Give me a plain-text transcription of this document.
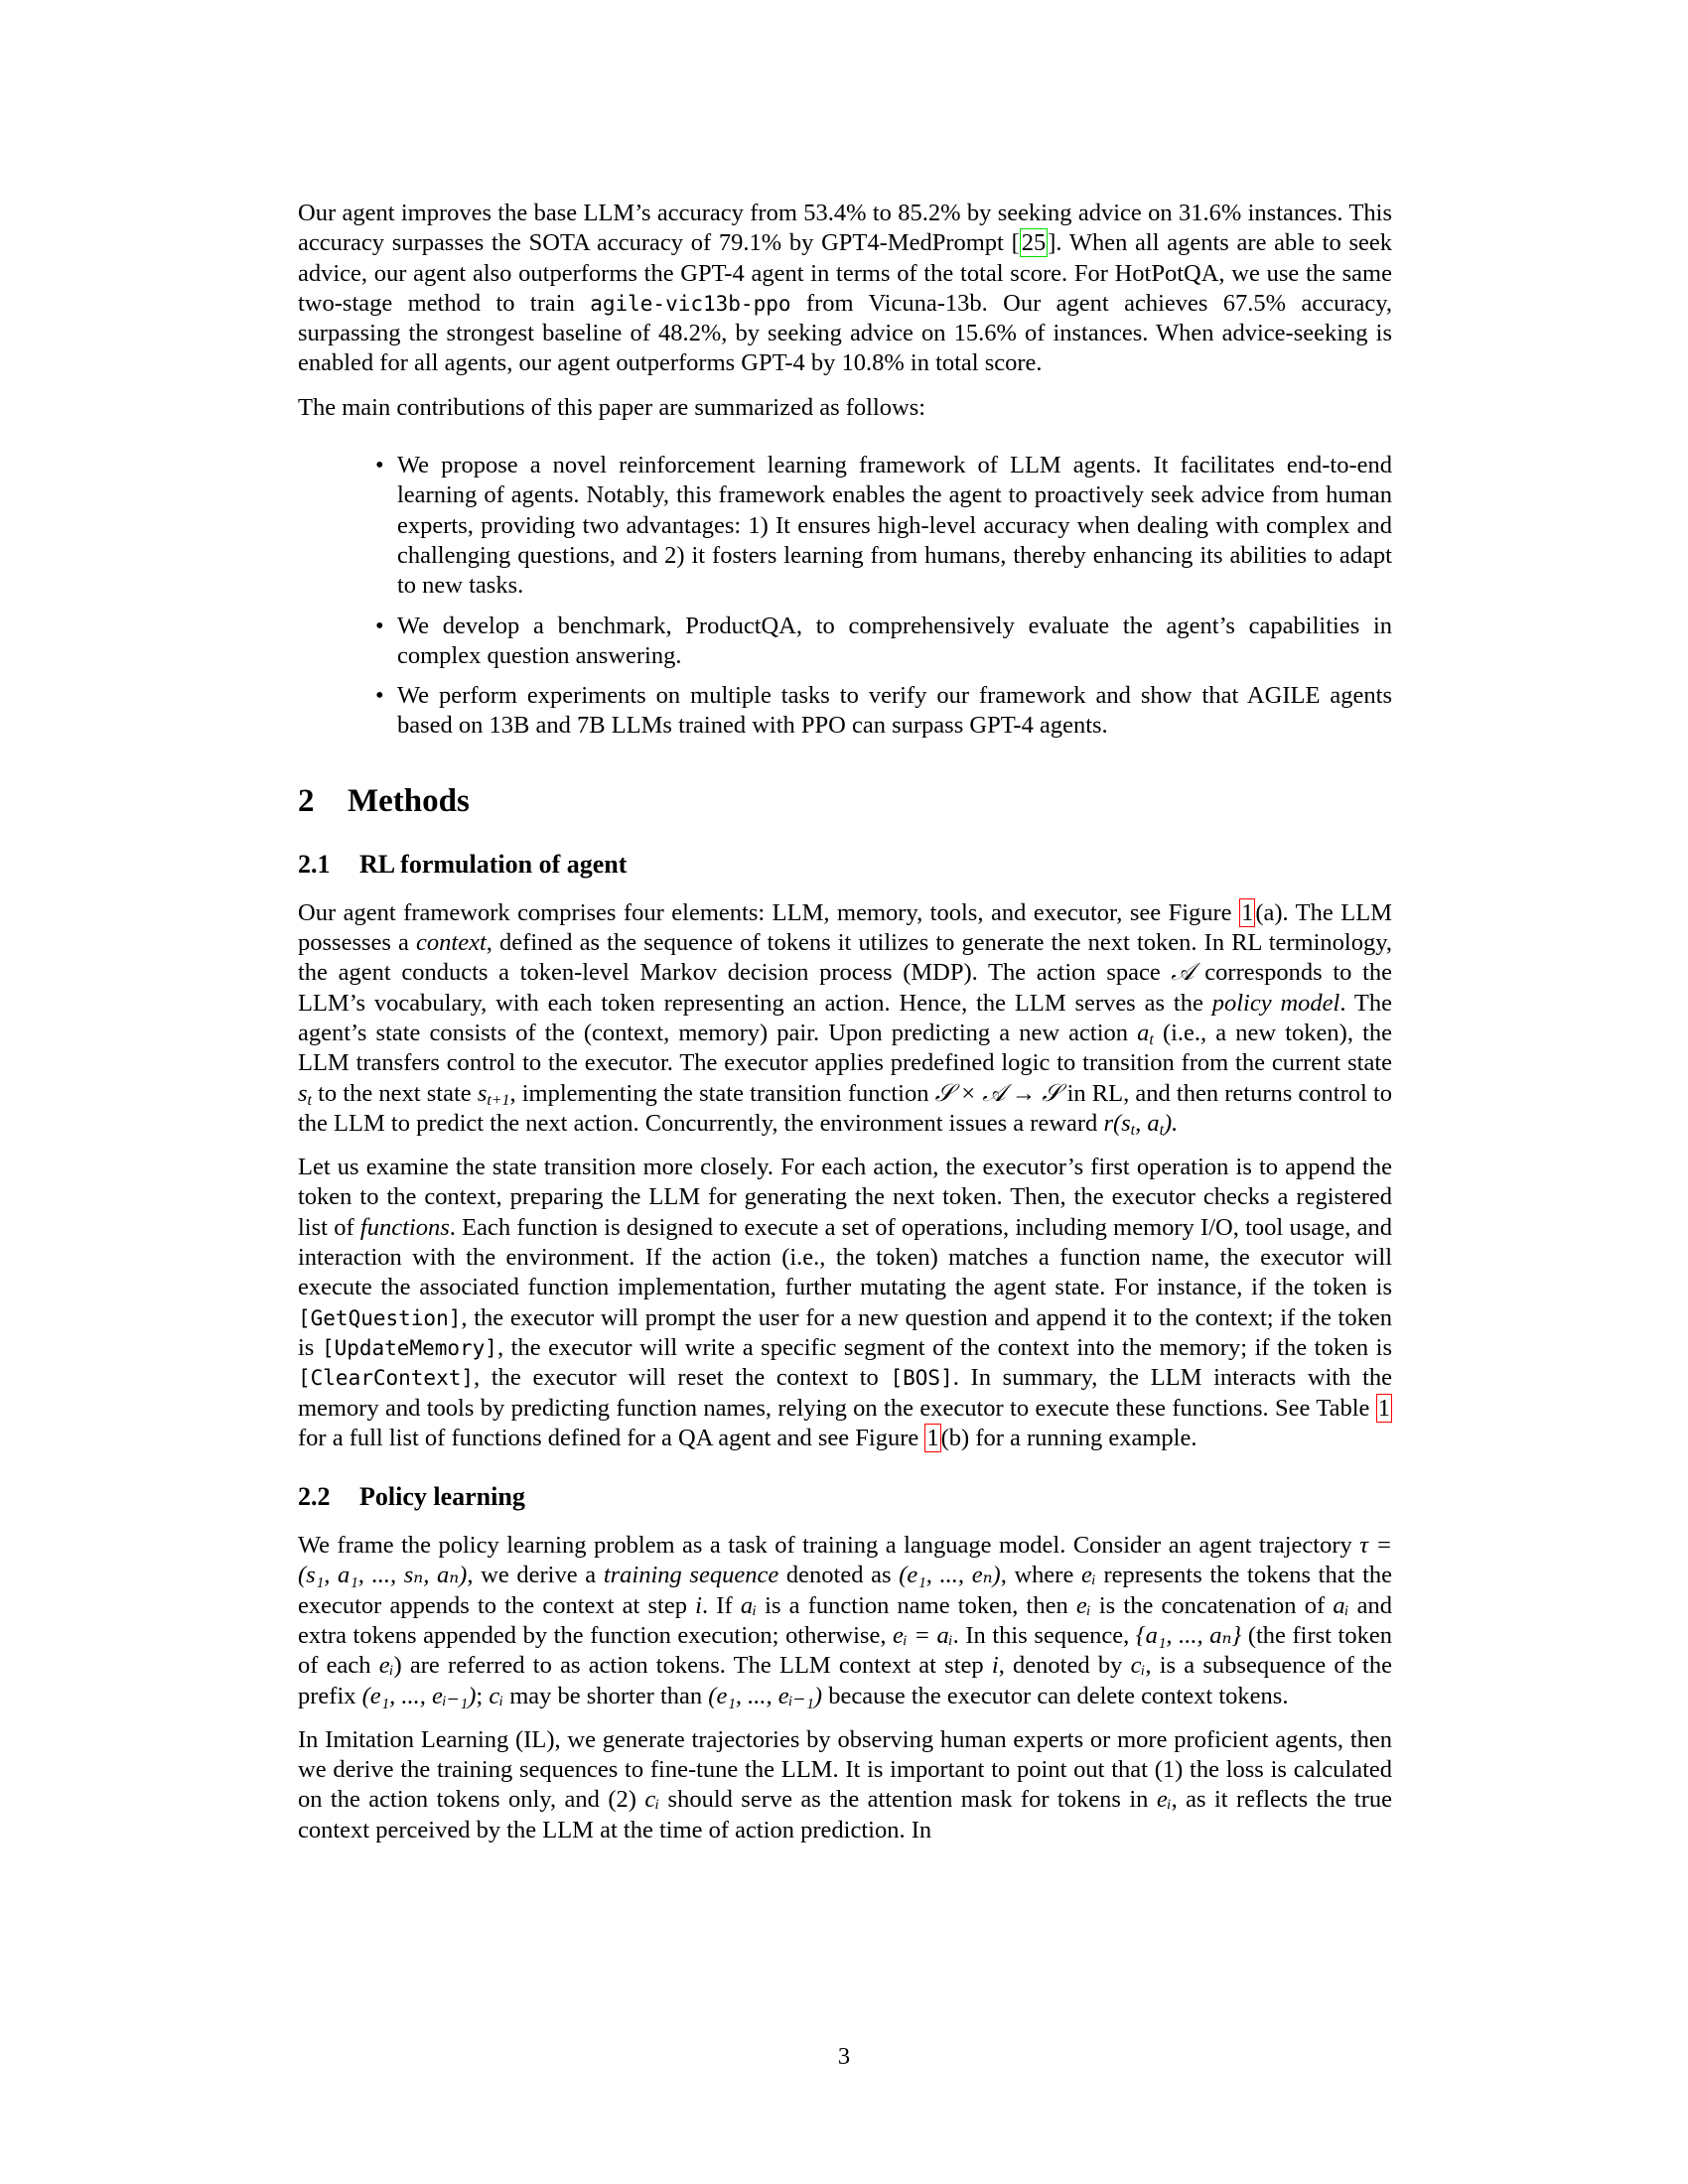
Our agent improves the base LLM’s accuracy from 53.4% to 85.2% by seeking advice on 31.6% instances. This accuracy surpasses the SOTA accuracy of 79.1% by GPT4-MedPrompt [25]. When all agents are able to seek advice, our agent also outperforms the GPT-4 agent in terms of the total score. For HotPotQA, we use the same two-stage method to train agile-vic13b-ppo from Vicuna-13b. Our agent achieves 67.5% accuracy, surpassing the strongest baseline of 48.2%, by seeking advice on 15.6% of instances. When advice-seeking is enabled for all agents, our agent outperforms GPT-4 by 10.8% in total score.

The main contributions of this paper are summarized as follows:

• We propose a novel reinforcement learning framework of LLM agents. It facilitates end-to-end learning of agents. Notably, this framework enables the agent to proactively seek advice from human experts, providing two advantages: 1) It ensures high-level accuracy when dealing with complex and challenging questions, and 2) it fosters learning from humans, thereby enhancing its abilities to adapt to new tasks.
• We develop a benchmark, ProductQA, to comprehensively evaluate the agent’s capabilities in complex question answering.
• We perform experiments on multiple tasks to verify our framework and show that AGILE agents based on 13B and 7B LLMs trained with PPO can surpass GPT-4 agents.
2 Methods
2.1 RL formulation of agent

Our agent framework comprises four elements: LLM, memory, tools, and executor, see Figure 1(a). The LLM possesses a context, defined as the sequence of tokens it utilizes to generate the next token. In RL terminology, the agent conducts a token-level Markov decision process (MDP). The action space 𝒜 corresponds to the LLM’s vocabulary, with each token representing an action. Hence, the LLM serves as the policy model. The agent’s state consists of the (context, memory) pair. Upon predicting a new action $a_t$ (i.e., a new token), the LLM transfers control to the executor. The executor applies predefined logic to transition from the current state $s_t$ to the next state $s_{t+1}$, implementing the state transition function 𝒮 × 𝒜 → 𝒮 in RL, and then returns control to the LLM to predict the next action. Concurrently, the environment issues a reward $r(s_t$, $a_t$).

Let us examine the state transition more closely. For each action, the executor’s first operation is to append the token to the context, preparing the LLM for generating the next token. Then, the executor checks a registered list of functions. Each function is designed to execute a set of operations, including memory I/O, tool usage, and interaction with the environment. If the action (i.e., the token) matches a function name, the executor will execute the associated function implementation, further mutating the agent state. For instance, if the token is [GetQuestion], the executor will prompt the user for a new question and append it to the context; if the token is [UpdateMemory], the executor will write a specific segment of the context into the memory; if the token is [ClearContext], the executor will reset the context to [BOS]. In summary, the LLM interacts with the memory and tools by predicting function names, relying on the executor to execute these functions. See Table 1 for a full list of functions defined for a QA agent and see Figure 1(b) for a running example.

2.2 Policy learning

We frame the policy learning problem as a task of training a language model. Consider an agent trajectory τ = (s₁, a₁, ..., sₙ, aₙ), we derive a training sequence denoted as (e₁, ..., eₙ), where eᵢ represents the tokens that the executor appends to the context at step i. If aᵢ is a function name token, then eᵢ is the concatenation of aᵢ and extra tokens appended by the function execution; otherwise, eᵢ = aᵢ. In this sequence, {a₁, ..., aₙ} (the first token of each eᵢ) are referred to as action tokens. The LLM context at step i, denoted by cᵢ, is a subsequence of the prefix (e₁, ..., eᵢ₋₁); cᵢ may be shorter than (e₁, ..., eᵢ₋₁) because the executor can delete context tokens.

In Imitation Learning (IL), we generate trajectories by observing human experts or more proficient agents, then we derive the training sequences to fine-tune the LLM. It is important to point out that (1) the loss is calculated on the action tokens only, and (2) cᵢ should serve as the attention mask for tokens in eᵢ, as it reflects the true context perceived by the LLM at the time of action prediction. In

3
